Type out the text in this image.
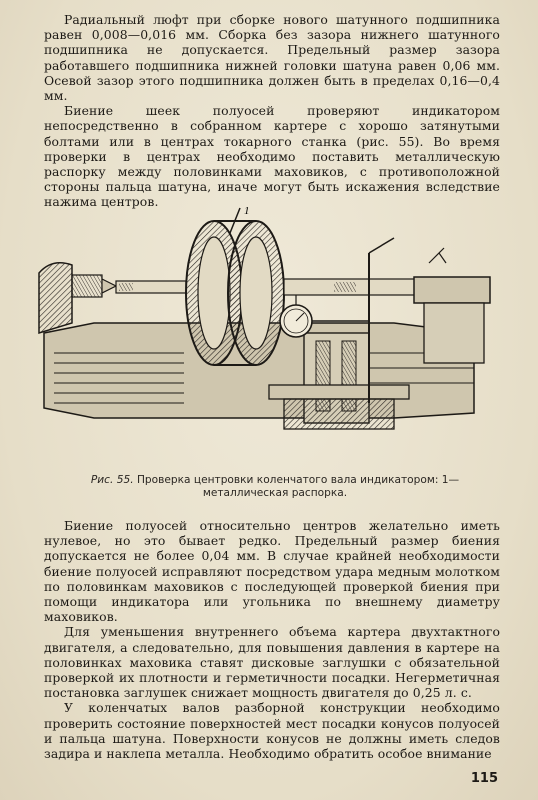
Радиальный люфт при сборке нового шатунного подшипника равен 0,008—0,016 мм. Сборка без зазора нижнего шатунного подшипника не допускается. Предельный размер зазора работавшего подшипника нижней головки шатуна равен 0,06 мм. Осевой зазор этого подшипника должен быть в пределах 0,16—0,4 мм.

Биение шеек полуосей проверяют индикатором непосредственно в собранном картере с хорошо затянутыми болтами или в центрах токарного станка (рис. 55). Во время проверки в центрах необходимо поставить металлическую распорку между половинками маховиков, с противоположной стороны пальца шатуна, иначе могут быть искажения вследствие нажима центров.

1
Рис. 55. Проверка центровки коленчатого вала индикатором: 1—металлическая распорка.

Биение полуосей относительно центров желательно иметь нулевое, но это бывает редко. Предельный размер биения допускается не более 0,04 мм. В случае крайней необходимости биение полуосей исправляют посредством удара медным молотком по половинкам маховиков с последующей проверкой биения при помощи индикатора или угольника по внешнему диаметру маховиков.

Для уменьшения внутреннего объема картера двухтактного двигателя, а следовательно, для повышения давления в картере на половинках маховика ставят дисковые заглушки с обязательной проверкой их плотности и герметичности посадки. Негерметичная постановка заглушек снижает мощность двигателя до 0,25 л. с.

У коленчатых валов разборной конструкции необходимо проверить состояние поверхностей мест посадки конусов полуосей и пальца шатуна. Поверхности конусов не должны иметь следов задира и наклепа металла. Необходимо обратить особое внимание

115
